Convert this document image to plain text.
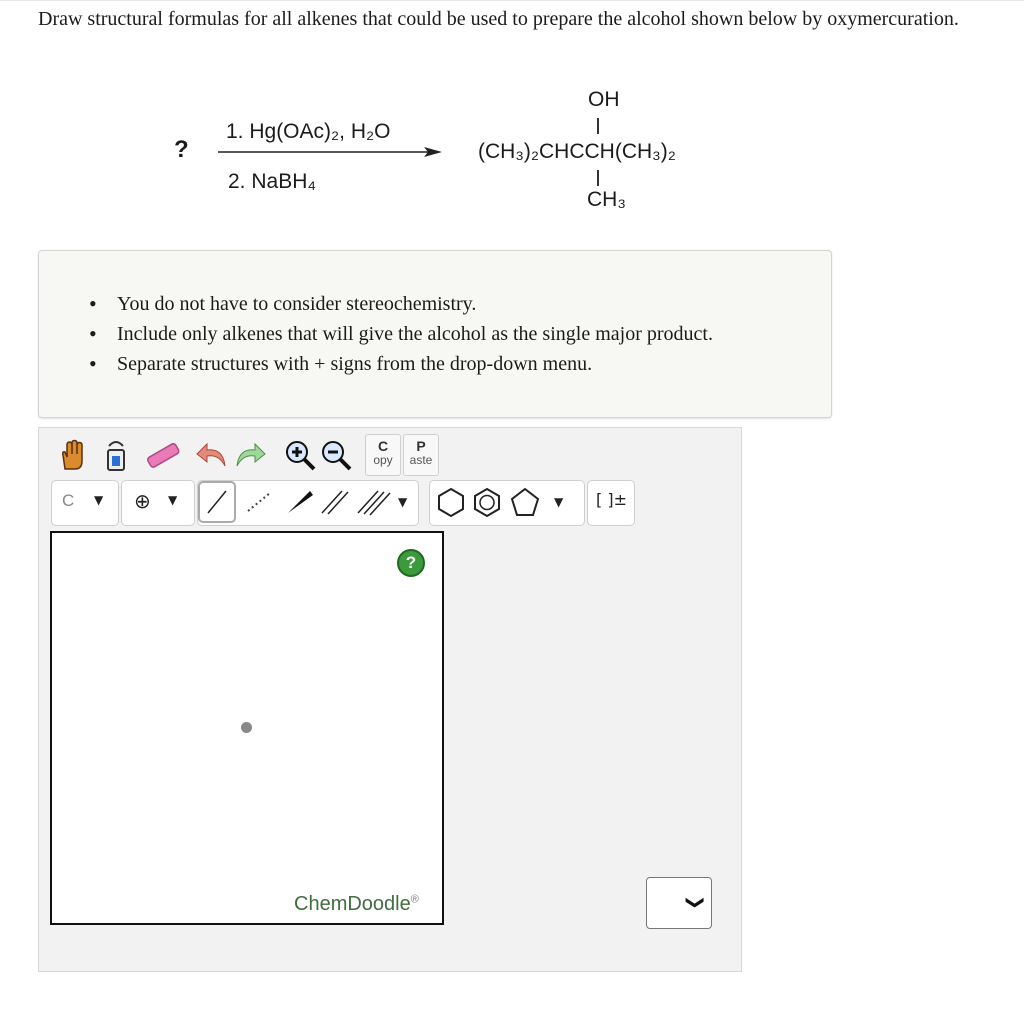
Draw structural formulas for all alkenes that could be used to prepare the alcohol shown below by oxymercuration.
?
1. Hg(OAc)₂, H₂O
2. NaBH₄
OH
(CH₃)₂CHCCH(CH₃)₂
CH₃
• You do not have to consider stereochemistry.
• Include only alkenes that will give the alcohol as the single major product.
• Separate structures with + signs from the drop-down menu.
C
opy
P
aste
C ▼ ⊕ ▼	▼	▼ [ ]±
?
ChemDoodle®	❯
